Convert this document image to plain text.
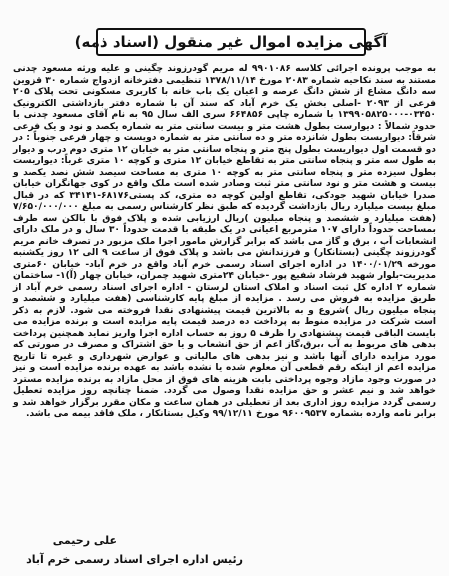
آگهی مزایده اموال غیر منقول (اسناد ذمه)

به موجب پرونده اجرائی کلاسه ۹۹۰۱۰۸۶ له مریم گودرزوند چگینی و علیه ورثه مسعود چدنی مستند به سند نکاحیه شماره ۲۰۸۳ مورخ ۱۳۷۸/۱۱/۱۴ تنظیمی دفترخانه ازدواج شماره ۳۰ قزوین سه دانگ مشاع از شش دانگ عرصه و اعیان یک باب خانه با کاربری مسکونی تحت پلاک ۲۰۵ فرعی از ۲۰۹۳ -اصلی بخش یک خرم آباد که سند آن با شماره دفتر بازداشتی الکترونیک ۰۳۴۵۰-۱۳۹۹۰۵۸۲۵۰۰۰ با شماره چاپی ۶۶۴۸۵۶ سری الف سال ۹۵ به نام آقای مسعود چدنی با حدود شمالاً : دیوارست بطول هشت متر و بیست سانتی متر به شماره یکصد و نود و یک فرعی شرقاً: دیواریست بطول شانزده متر و ده سانتی متر به شماره دویست و چهار فرعی جنوباً : در دو قسمت اول دیواریست بطول پنج متر و پنجاه سانتی متر به خیابان ۱۲ متری دوم درب و دیوار به طول سه متر و پنجاه سانتی متر به تقاطع خیابان ۱۲ متری و کوچه ۱۰ متری غرباً: دیواریست بطول سیزده متر و پنجاه سانتی متر به کوچه ۱۰ متری به مساحت سیصد شش نصد یکصد و بیست و هشت متر و نود سانتی متر ثبت وصادر شده است ملک واقع در کوی جهانگران خیابان صدرا خیابان شهید جودکی، تقاطع اولین کوچه ده متری، کد پستی۶۸۱۷۶-۳۴۱۴۱ که در قبال مبلغ بیست میلیارد ریال بازداشت گردیده که طبق نظر کارشناس رسمی به مبلغ ۷/۶۵۰/۰۰۰/۰۰۰ (هفت میلیارد و ششصد و پنجاه میلیون )ریال ارزیابی شده و پلاک فوق با بالکن سه طرف بمساحت حدوداً دارای ۱۰۷ مترمربع اعیانی در یک طبقه با قدمت حدوداً ۳۰ سال و در ملک دارای انشعابات آب ، برق و گاز می باشد که برابر گزارش مامور اجرا ملک مزبور در تصرف خانم مریم گودرزوند چگینی (بستانکار) و فرزندانش می باشد و پلاک فوق از ساعت ۹ الی ۱۲ روز یکشنبه مورخه ۱۴۰۰/۰۱/۲۹ در اداره اجرای اسناد رسمی خرم آباد واقع در خرم آباد- خیابان ۶۰متری مدیریت-بلوار شهید فرشاد شفیع پور -خیابان ۲۴متری شهید چمران، خیابان چهار (آ)۱- ساختمان شماره ۲ اداره کل ثبت اسناد و املاک استان لرستان - اداره اجرای اسناد رسمی خرم آباد از طریق مزایده به فروش می رسد . مزایده از مبلغ پایه کارشناسی (هفت میلیارد و ششصد و پنجاه میلیون ریال )شروع و به بالاترین قیمت پیشنهادی نقدا فروخته می شود. لازم به ذکر است شرکت در مزایده منوط به پرداخت ده درصد قیمت پایه مزایده است و برنده مزایده می بایست الباقی قیمت پیشنهادی را ظرف ۵ روز به حساب اداره اجرا واریز نماید همچنین پرداخت بدهی های مربوط به آب ،برق،گاز اعم از حق انشعاب و یا حق اشتراک و مصرف در صورتی که مورد مزایده دارای آنها باشد و نیز بدهی های مالیاتی و عوارض شهرداری و غیره تا تاریخ مزایده اعم از اینکه رقم قطعی آن معلوم شده یا نشده باشد به عهده برنده مزایده است و نیز در صورت وجود مازاد وجوه پرداختی بابت هزینه های فوق از محل مازاد به برنده مزایده مسترد خواهد شد و نیم عشر و حق مزایده نقدا وصول می گردد. ضمنا چنانچه روز مزایده تعطیل رسمی گردد مزایده روز اداری بعد از تعطیلی در همان ساعت و مکان مقرر برگزار خواهد شد و برابر نامه وارده بشماره ۹۶۰۰۹۵۳۷ مورخ ۹۹/۱۲/۱۱ وکیل بستانکار ، ملک فاقد بیمه می باشد.

علی رحیمی
رئیس اداره اجرای اسناد رسمی خرم آباد
